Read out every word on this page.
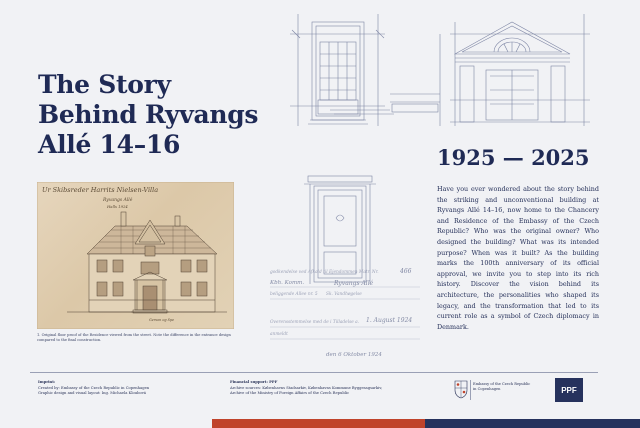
The Story
Behind Ryvangs
Allé 14–16	1925 — 2025
Have you ever wondered about the story behind the striking and unconventional building at Ryvangs Allé 14–16, now home to the Chancery and Residence of the Embassy of the Czech Republic? Who was the original owner? Who designed the building? What was its intended purpose? When was it built? As the building marks the 100th anniversary of its official approval, we invite you to step into its rich history. Discover the vision behind its architecture, the personalities who shaped its legacy, and the transformation that led to its current role as a symbol of Czech diplomacy in Denmark.
Ur Skibsreder Harrits Nielsen-Villa
Ryvangs Allé
Halls 1924
Gerson og Spe
1. Original floor proof of the Residence viewed from the street. Note the difference in the entrance design compared to the final construction.
godkendelse ved Afkald til Ejendommen Matr. Nr.	466
Kbh. Komm.	Ryvangs Allé
beliggende Allee nr. 5 Sk. Vandhøgelse
Overensstemmelse med de i Tilladelse a. 1. August 1924
anmeldt
den 6 Oktober 1924
Imprint:
Created by: Embassy of the Czech Republic in Copenhagen
Graphic design and visual layout: Ing. Michaela Kloubová
Financial support: PPF
Archive sources: Københavns Stadsarkiv, Københavns Kommune Byggesagsarkiv,
Archive of the Ministry of Foreign Affairs of the Czech Republic
Embassy of the Czech Republic
in Copenhagen	PPF
